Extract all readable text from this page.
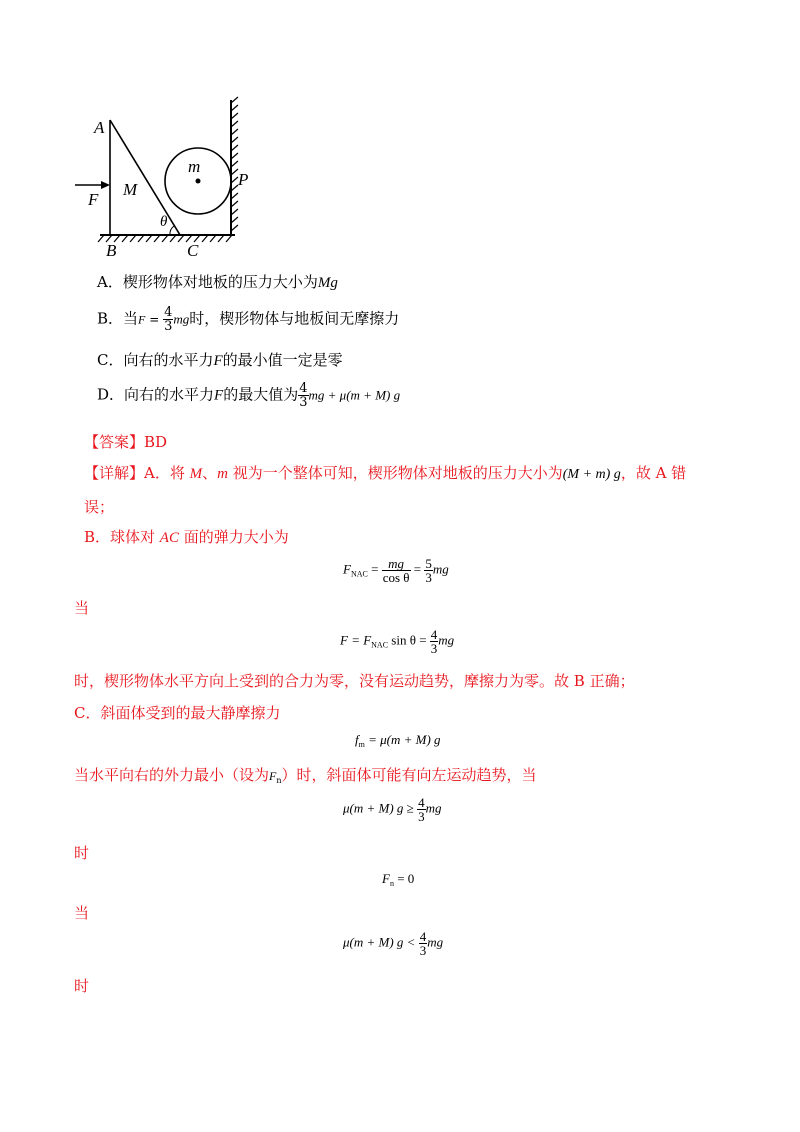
A
B	C
P
F
M
m
θ
A．楔形物体对地板的压力大小为Mg
B．当$F = \frac{4}{3}$ mg时，楔形物体与地板间无摩擦力
C．向右的水平力F的最小值一定是零
D．向右的水平力F的最大值为 $\frac{4}{3}$ mg + μ(m + M) g
【答案】BD
【详解】A．将 M、m 视为一个整体可知，楔形物体对地板的压力大小为(M + m) g，故 A 错
误；
B．球体对 AC 面的弹力大小为
$F_{NAC} = \frac{mg}{\text{cos θ}} = \frac{5}{3}$ mg
当
$F = F_{NAC}$ $\sin \theta = \frac{4}{3}$ mg
时，楔形物体水平方向上受到的合力为零，没有运动趋势，摩擦力为零。故 B 正确；
C．斜面体受到的最大静摩擦力
$f_m = \mu(m + M)$ g
当水平向右的外力最小（设为$F_n$）时，斜面体可能有向左运动趋势，当
μ(m + M) $g \ge \frac{4}{3}$ mg
时
$F_n = 0$
当
μ(m + M) $g < \frac{4}{3}$ mg
时
